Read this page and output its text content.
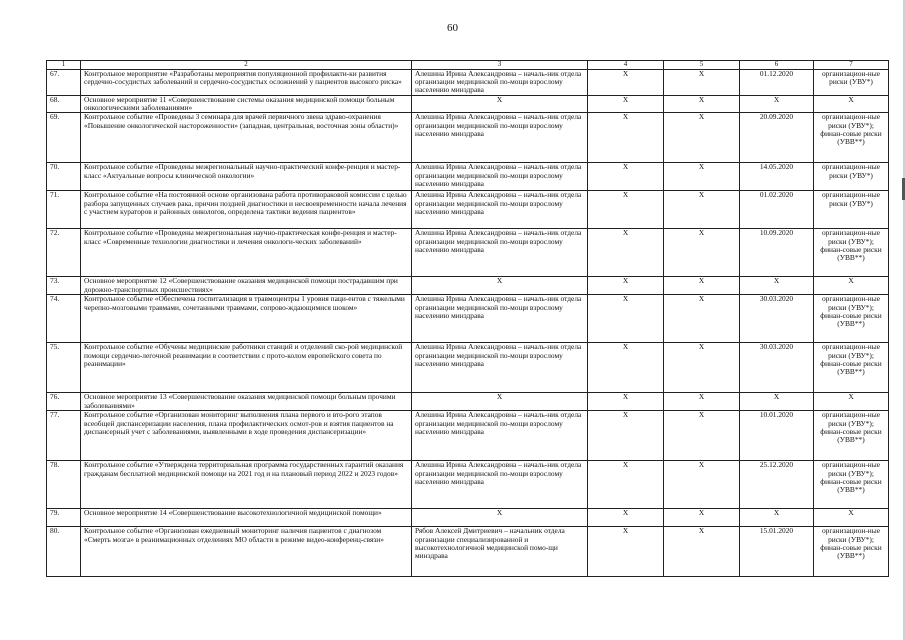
60
1	2	3	4	5	6	7
67.	Контрольное мероприятие «Разработаны мероприятия популяционной профилакти-ки развития сердечно-сосудистых заболеваний и сердечно-сосудистых осложнений у пациентов высокого риска»	Алешина Ирина Александровна – началь-ник отдела организации медицинской по-мощи взрослому населению минздрава	Х	Х	01.12.2020	организацион-ные риски (УВУ*)
68.	Основное мероприятие 11 «Совершенствование системы оказания медицинской помощи больным онкологическими заболеваниями»	Х	Х	Х	Х	Х
69.	Контрольное событие «Проведены 3 семинара для врачей первичного звена здраво-охранения «Повышение онкологической настороженности» (западная, центральная, восточная зоны области)»	Алешина Ирина Александровна – началь-ник отдела организации медицинской по-мощи взрослому населению минздрава	Х	Х	20.09.2020	организацион-ные риски (УВУ*); финан-совые риски (УВВ**)
70.	Контрольное событие «Проведены межрегиональный научно-практический конфе-ренция и мастер-класс «Актуальные вопросы клинической онкологии»	Алешина Ирина Александровна – началь-ник отдела организации медицинской по-мощи взрослому населению минздрава	Х	Х	14.05.2020	организацион-ные риски (УВУ*)
71.	Контрольное событие «На постоянной основе организована работа противораковой комиссии с целью разбора запущенных случаев рака, причин поздней диагностики и несвоевременности начала лечения с участием кураторов и районных онкологов, определена тактики ведения пациентов»	Алешина Ирина Александровна – началь-ник отдела организации медицинской по-мощи взрослому населению минздрава	Х	Х	01.02.2020	организацион-ные риски (УВУ*)
72.	Контрольное событие «Проведены межрегиональная научно-практическая конфе-ренция и мастер-класс «Современные технологии диагностики и лечения онкологи-ческих заболеваний»	Алешина Ирина Александровна – началь-ник отдела организации медицинской по-мощи взрослому населению минздрава	Х	Х	10.09.2020	организацион-ные риски (УВУ*); финан-совые риски (УВВ**)
73.	Основное мероприятие 12 «Совершенствование оказания медицинской помощи пострадавшим при дорожно-транспортных происшествиях»	Х	Х	Х	Х	Х
74.	Контрольное событие «Обеспечена госпитализация в травмоцентры 1 уровня паци-ентов с тяжелыми черепно-мозговыми травмами, сочетанными травмами, сопрово-ждающимися шоком»	Алешина Ирина Александровна – началь-ник отдела организации медицинской по-мощи взрослому населению минздрава	Х	Х	30.03.2020	организацион-ные риски (УВУ*); финан-совые риски (УВВ**)
75.	Контрольное событие «Обучены медицинские работники станций и отделений ско-рой медицинской помощи сердечно-легочной реанимации в соответствии с прото-колом европейского совета по реанимации»	Алешина Ирина Александровна – началь-ник отдела организации медицинской по-мощи взрослому населению минздрава	Х	Х	30.03.2020	организацион-ные риски (УВУ*); финан-совые риски (УВВ**)
76.	Основное мероприятие 13 «Совершенствование оказания медицинской помощи больным прочими заболеваниями»	Х	Х	Х	Х	Х
77.	Контрольное событие «Организован мониторинг выполнения плана первого и вто-рого этапов всеобщей диспансеризации населения, плана профилактических осмот-ров и взятия пациентов на диспансерный учет с заболеваниями, выявленными в ходе проведения диспансеризации»	Алешина Ирина Александровна – началь-ник отдела организации медицинской по-мощи взрослому населению минздрава	Х	Х	10.01.2020	организацион-ные риски (УВУ*); финан-совые риски (УВВ**)
78.	Контрольное событие «Утверждена территориальная программа государственных гарантий оказания гражданам бесплатной медицинской помощи на 2021 год и на плановый период 2022 и 2023 годов»	Алешина Ирина Александровна – началь-ник отдела организации медицинской по-мощи взрослому населению минздрава	Х	Х	25.12.2020	организацион-ные риски (УВУ*); финан-совые риски (УВВ**)
79.	Основное мероприятие 14 «Совершенствование высокотехнологичной медицинской помощи»	Х	Х	Х	Х	Х
80.	Контрольное событие «Организован ежедневный мониторинг наличия пациентов с диагнозом «Смерть мозга» в реанимационных отделениях МО области в режиме видео-конференц-связи»	Рябов Алексей Дмитриевич – начальник отдела организации специализированной и высокотехнологичной медицинской помо-щи минздрава	Х	Х	15.01.2020	организацион-ные риски (УВУ*); финан-совые риски (УВВ**)
